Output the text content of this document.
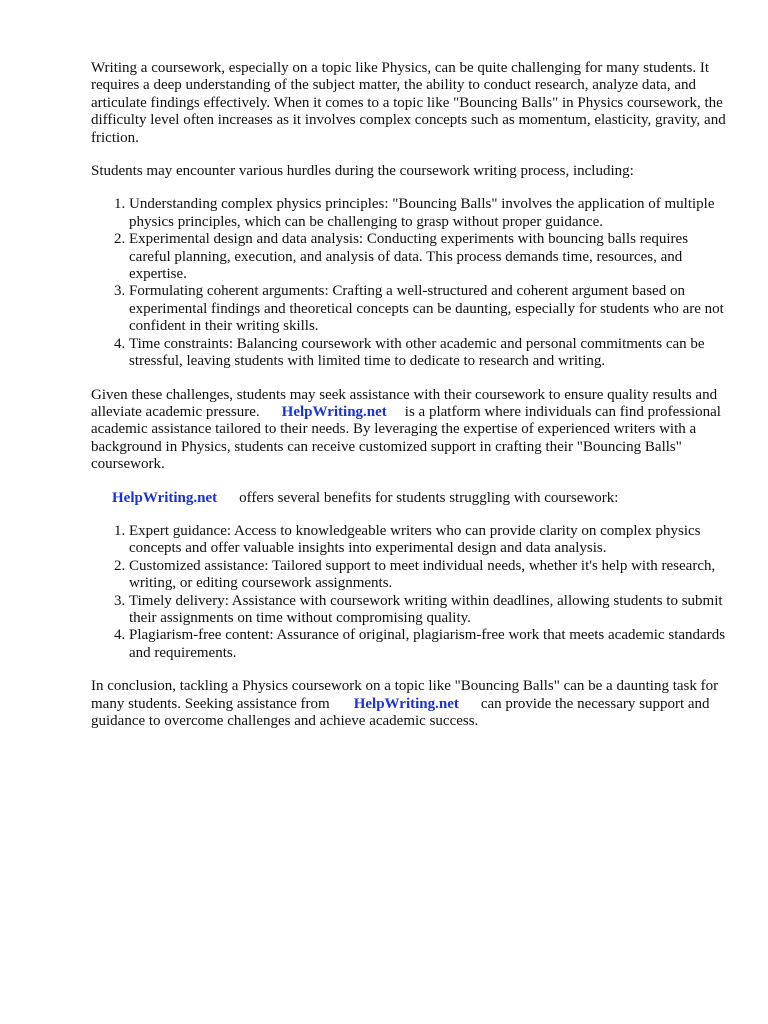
Writing a coursework, especially on a topic like Physics, can be quite challenging for many students. It requires a deep understanding of the subject matter, the ability to conduct research, analyze data, and articulate findings effectively. When it comes to a topic like "Bouncing Balls" in Physics coursework, the difficulty level often increases as it involves complex concepts such as momentum, elasticity, gravity, and friction.

Students may encounter various hurdles during the coursework writing process, including:

1. Understanding complex physics principles: "Bouncing Balls" involves the application of multiple physics principles, which can be challenging to grasp without proper guidance.
2. Experimental design and data analysis: Conducting experiments with bouncing balls requires careful planning, execution, and analysis of data. This process demands time, resources, and expertise.
3. Formulating coherent arguments: Crafting a well-structured and coherent argument based on experimental findings and theoretical concepts can be daunting, especially for students who are not confident in their writing skills.
4. Time constraints: Balancing coursework with other academic and personal commitments can be stressful, leaving students with limited time to dedicate to research and writing.

Given these challenges, students may seek assistance with their coursework to ensure quality results and alleviate academic pressure. HelpWriting.net is a platform where individuals can find professional academic assistance tailored to their needs. By leveraging the expertise of experienced writers with a background in Physics, students can receive customized support in crafting their "Bouncing Balls" coursework.

HelpWriting.net offers several benefits for students struggling with coursework:

1. Expert guidance: Access to knowledgeable writers who can provide clarity on complex physics concepts and offer valuable insights into experimental design and data analysis.
2. Customized assistance: Tailored support to meet individual needs, whether it's help with research, writing, or editing coursework assignments.
3. Timely delivery: Assistance with coursework writing within deadlines, allowing students to submit their assignments on time without compromising quality.
4. Plagiarism-free content: Assurance of original, plagiarism-free work that meets academic standards and requirements.

In conclusion, tackling a Physics coursework on a topic like "Bouncing Balls" can be a daunting task for many students. Seeking assistance from HelpWriting.net can provide the necessary support and guidance to overcome challenges and achieve academic success.
